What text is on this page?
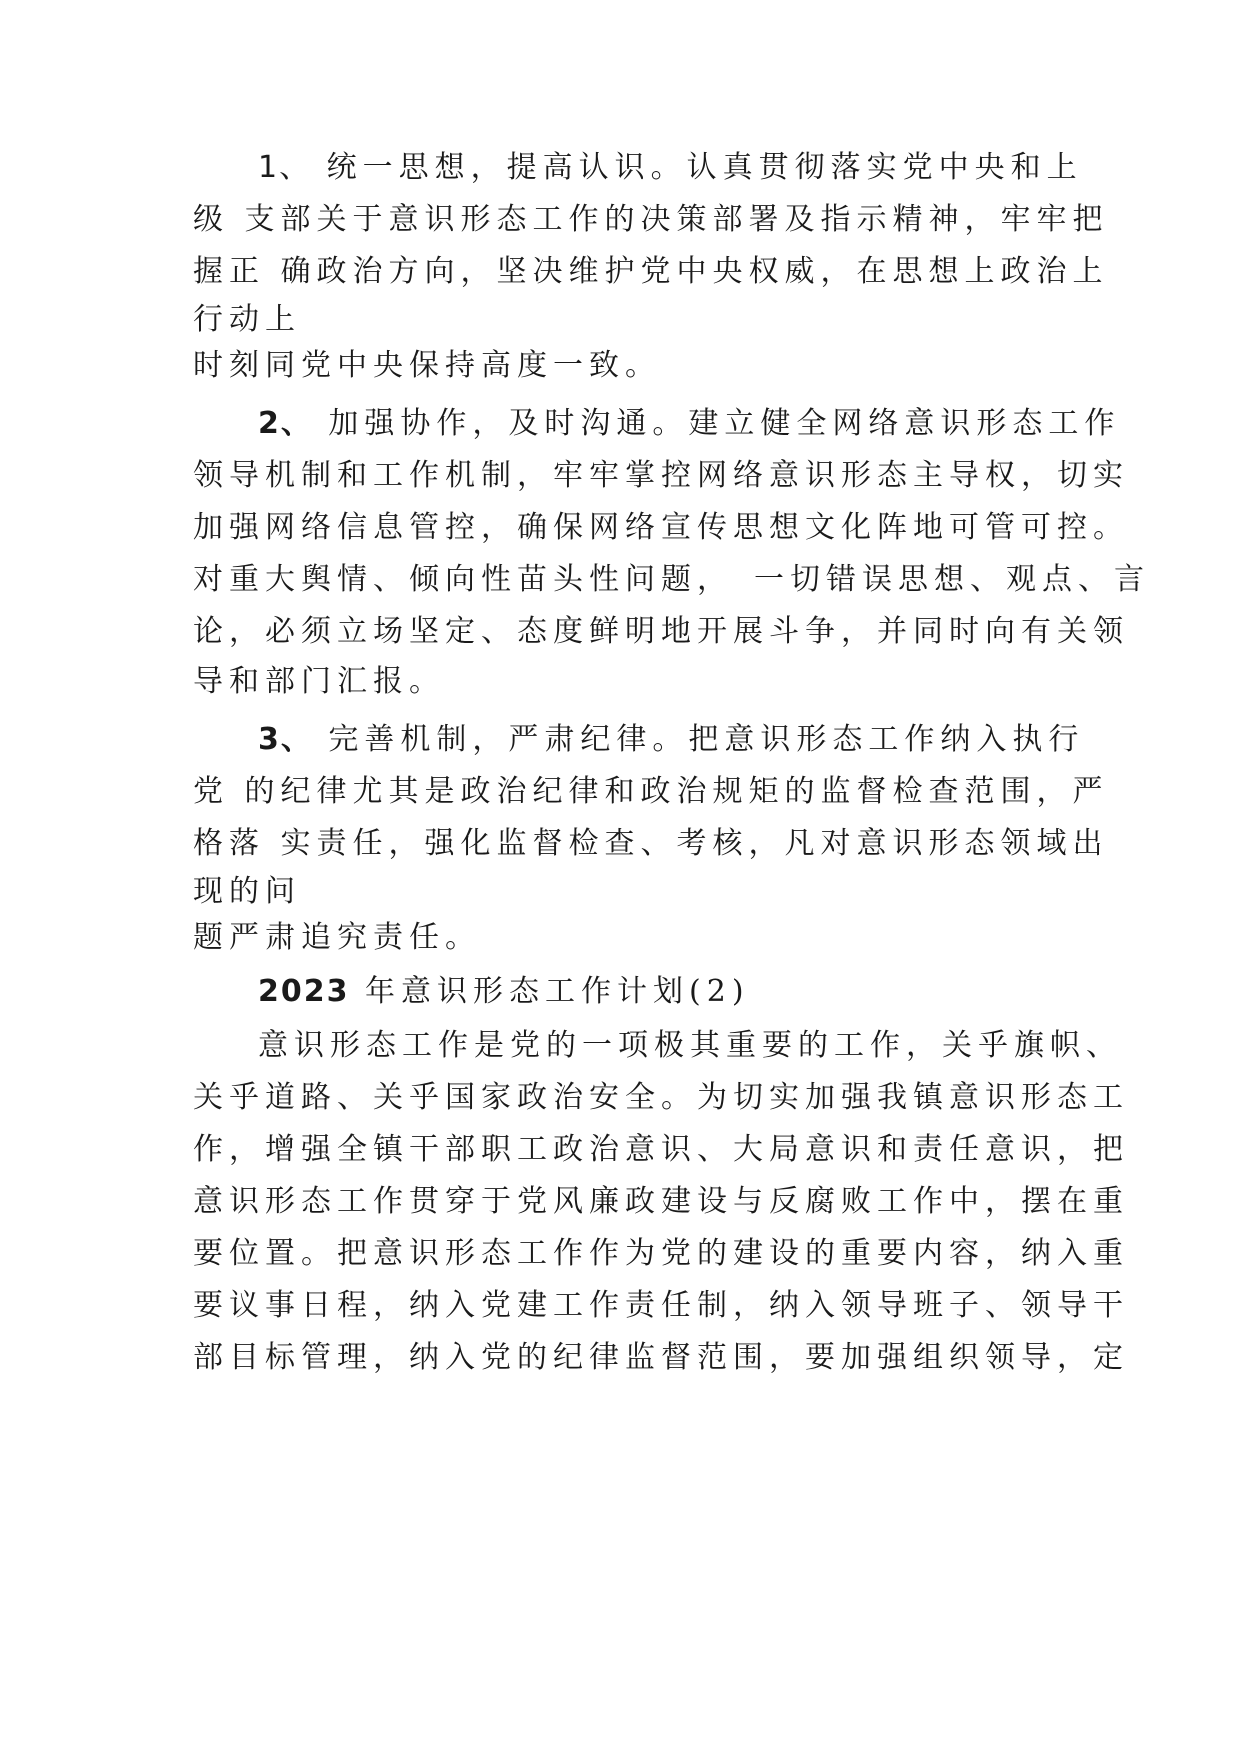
1、 统一思想，提高认识。认真贯彻落实党中央和上
级 支部关于意识形态工作的决策部署及指示精神，牢牢把
握正 确政治方向，坚决维护党中央权威，在思想上政治上
行动上
时刻同党中央保持高度一致。
2、 加强协作，及时沟通。建立健全网络意识形态工作
领导机制和工作机制，牢牢掌控网络意识形态主导权，切实
加强网络信息管控，确保网络宣传思想文化阵地可管可控。
对重大舆情、倾向性苗头性问题，　一切错误思想、观点、言
论，必须立场坚定、态度鲜明地开展斗争，并同时向有关领
导和部门汇报。
3、 完善机制，严肃纪律。把意识形态工作纳入执行
党 的纪律尤其是政治纪律和政治规矩的监督检查范围，严
格落 实责任，强化监督检查、考核，凡对意识形态领域出
现的问
题严肃追究责任。
2023 年意识形态工作计划(2)
意识形态工作是党的一项极其重要的工作，关乎旗帜、
关乎道路、关乎国家政治安全。为切实加强我镇意识形态工
作，增强全镇干部职工政治意识、大局意识和责任意识，把
意识形态工作贯穿于党风廉政建设与反腐败工作中，摆在重
要位置。把意识形态工作作为党的建设的重要内容，纳入重
要议事日程，纳入党建工作责任制，纳入领导班子、领导干
部目标管理，纳入党的纪律监督范围，要加强组织领导，定
